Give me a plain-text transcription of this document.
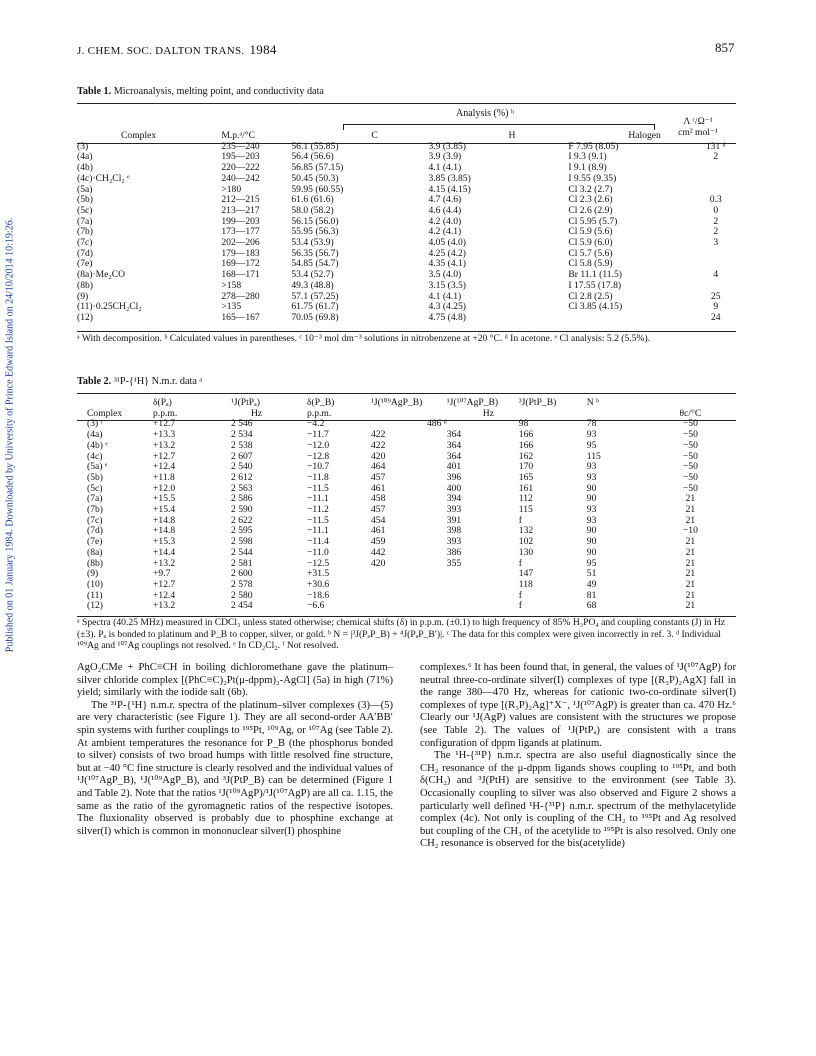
J. CHEM. SOC. DALTON TRANS. 1984	857
Published on 01 January 1984. Downloaded by University of Prince Edward Island on 24/10/2014 10:19:26.
Table 1. Microanalysis, melting point, and conductivity data
Analysis (%) ᵇ
Λ ᶜ/Ω⁻¹
cm² mol⁻¹
Complex	M.p.ᵃ/°C	C	H	Halogen	
(3)	235—240	56.1 (55.85)	3.9 (3.85)	F 7.95 (8.05)	131 ᵈ
(4a)	195—203	56.4 (56.6)	3.9 (3.9)	I 9.3 (9.1)	2
(4b)	220—222	56.85 (57.15)	4.1 (4.1)	I 9.1 (8.9)	
(4c)·CH₂Cl₂ ᵉ	240—242	50.45 (50.3)	3.85 (3.85)	I 9.55 (9.35)	
(5a)	>180	59.95 (60.55)	4.15 (4.15)	Cl 3.2 (2.7)	
(5b)	212—215	61.6 (61.6)	4.7 (4.6)	Cl 2.3 (2.6)	0.3
(5c)	213—217	58.0 (58.2)	4.6 (4.4)	Cl 2.6 (2.9)	0
(7a)	199—203	56.15 (56.0)	4.2 (4.0)	Cl 5.95 (5.7)	2
(7b)	173—177	55.95 (56.3)	4.2 (4.1)	Cl 5.9 (5.6)	2
(7c)	202—206	53.4 (53.9)	4.05 (4.0)	Cl 5.9 (6.0)	3
(7d)	179—183	56.35 (56.7)	4.25 (4.2)	Cl 5.7 (5.6)	
(7e)	169—172	54.85 (54.7)	4.35 (4.1)	Cl 5.8 (5.9)	
(8a)·Me₂CO	168—171	53.4 (52.7)	3.5 (4.0)	Br 11.1 (11.5)	4
(8b)	>158	49.3 (48.8)	3.15 (3.5)	I 17.55 (17.8)	
(9)	278—280	57.1 (57.25)	4.1 (4.1)	Cl 2.8 (2.5)	25
(11)·0.25CH₂Cl₂	>135	61.75 (61.7)	4.3 (4.25)	Cl 3.85 (4.15)	9
(12)	165—167	70.05 (69.8)	4.75 (4.8)		24
ᵃ With decomposition. ᵇ Calculated values in parentheses. ᶜ 10⁻³ mol dm⁻³ solutions in nitrobenzene at +20 °C. ᵈ In acetone. ᵉ Cl analysis: 5.2 (5.5%).
Table 2. ³¹P-{¹H} N.m.r. data ᵃ
	δ(Pₐ)	¹J(PtPₐ)	δ(P_B)	¹J(¹⁰⁹AgP_B)	¹J(¹⁰⁷AgP_B)	³J(PtP_B)	N ᵇ	
Complex	p.p.m.	Hz	p.p.m.		Hz			θc/°C
(3) ᶜ	+12.7	2 546	−4.2	486 ᵈ		98	78	−50
(4a)	+13.3	2 534	−11.7	422	364	166	93	−50
(4b) ᵉ	+13.2	2 538	−12.0	422	364	166	95	−50
(4c)	+12.7	2 607	−12.8	420	364	162	115	−50
(5a) ᵉ	+12.4	2 540	−10.7	464	401	170	93	−50
(5b)	+11.8	2 612	−11.8	457	396	165	93	−50
(5c)	+12.0	2 563	−11.5	461	400	161	90	−50
(7a)	+15.5	2 586	−11.1	458	394	112	90	21
(7b)	+15.4	2 590	−11.2	457	393	115	93	21
(7c)	+14.8	2 622	−11.5	454	391	f	93	21
(7d)	+14.8	2 595	−11.1	461	398	132	90	−10
(7e)	+15.3	2 598	−11.4	459	393	102	90	21
(8a)	+14.4	2 544	−11.0	442	386	130	90	21
(8b)	+13.2	2 581	−12.5	420	355	f	95	21
(9)	+9.7	2 600	+31.5			147	51	21
(10)	+12.7	2 578	+30.6			118	49	21
(11)	+12.4	2 580	−18.6			f	81	21
(12)	+13.2	2 454	−6.6			f	68	21
ᵃ Spectra (40.25 MHz) measured in CDCl₃ unless stated otherwise; chemical shifts (δ) in p.p.m. (±0.1) to high frequency of 85% H₃PO₄ and coupling constants (J) in Hz (±3). Pₐ is bonded to platinum and P_B to copper, silver, or gold. ᵇ N = |³J(PₐP_B) + ⁴J(PₐP_B′)|. ᶜ The data for this complex were given incorrectly in ref. 3. ᵈ Individual ¹⁰⁹Ag and ¹⁰⁷Ag couplings not resolved. ᵉ In CD₂Cl₂. ᶠ Not resolved.

AgO₂CMe + PhC≡CH in boiling dichloromethane gave the platinum–silver chloride complex [(PhC≡C)₂Pt(μ-dppm)₂-AgCl] (5a) in high (71%) yield; similarly with the iodide salt (6b).

The ³¹P-{¹H} n.m.r. spectra of the platinum–silver complexes (3)—(5) are very characteristic (see Figure 1). They are all second-order AA′BB′ spin systems with further couplings to ¹⁹⁵Pt, ¹⁰⁹Ag, or ¹⁰⁷Ag (see Table 2). At ambient temperatures the resonance for P_B (the phosphorus bonded to silver) consists of two broad humps with little resolved fine structure, but at −40 °C fine structure is clearly resolved and the individual values of ¹J(¹⁰⁷AgP_B), ¹J(¹⁰⁹AgP_B), and ³J(PtP_B) can be determined (Figure 1 and Table 2). Note that the ratios ¹J(¹⁰⁹AgP)/¹J(¹⁰⁷AgP) are all ca. 1.15, the same as the ratio of the gyromagnetic ratios of the respective isotopes. The fluxionality observed is probably due to phosphine exchange at silver(I) which is common in mononuclear silver(I) phosphine

complexes.⁶ It has been found that, in general, the values of ¹J(¹⁰⁷AgP) for neutral three-co-ordinate silver(I) complexes of type [(R₃P)₂AgX] fall in the range 380—470 Hz, whereas for cationic two-co-ordinate silver(I) complexes of type [(R₃P)₂Ag]⁺X⁻, ¹J(¹⁰⁷AgP) is greater than ca. 470 Hz.⁶ Clearly our ¹J(AgP) values are consistent with the structures we propose (see Table 2). The values of ¹J(PtPₐ) are consistent with a trans configuration of dppm ligands at platinum.

The ¹H-{³¹P} n.m.r. spectra are also useful diagnostically since the CH₂ resonance of the μ-dppm ligands shows coupling to ¹⁹⁵Pt, and both δ(CH₂) and ³J(PtH) are sensitive to the environment (see Table 3). Occasionally coupling to silver was also observed and Figure 2 shows a particularly well defined ¹H-{³¹P} n.m.r. spectrum of the methylacetylide complex (4c). Not only is coupling of the CH₂ to ¹⁹⁵Pt and Ag resolved but coupling of the CH₃ of the acetylide to ¹⁹⁵Pt is also resolved. Only one CH₂ resonance is observed for the bis(acetylide)
